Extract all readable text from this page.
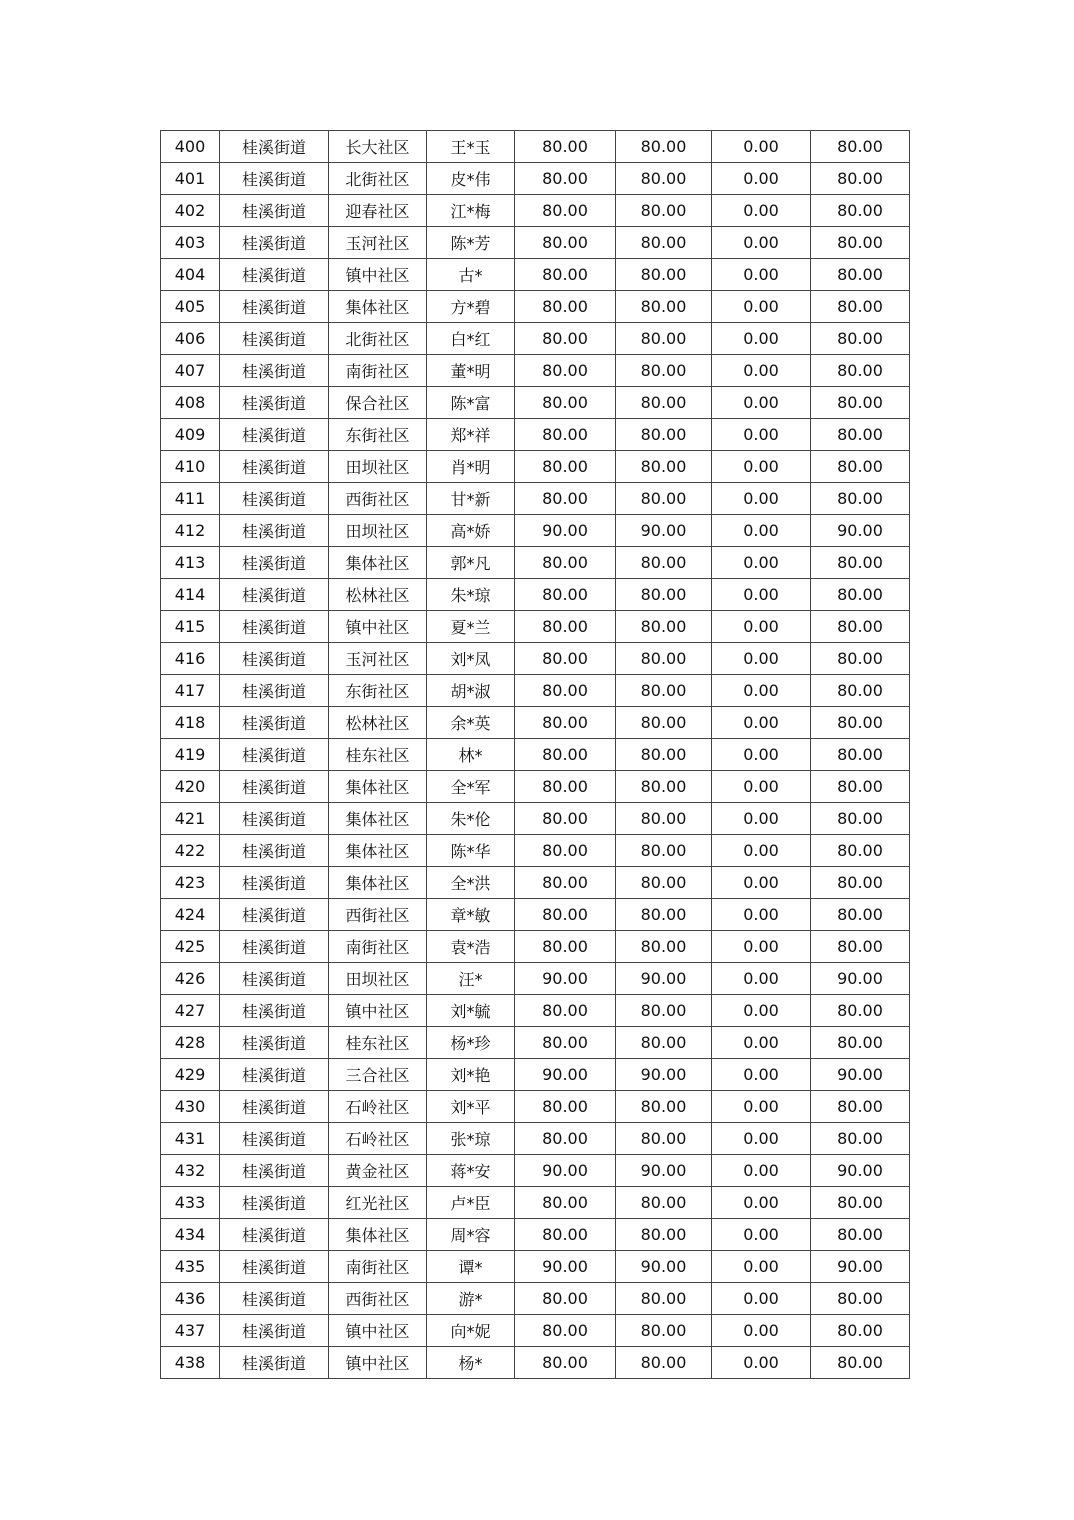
400	桂溪街道	长大社区	王*玉	80.00	80.00	0.00	80.00
401	桂溪街道	北街社区	皮*伟	80.00	80.00	0.00	80.00
402	桂溪街道	迎春社区	江*梅	80.00	80.00	0.00	80.00
403	桂溪街道	玉河社区	陈*芳	80.00	80.00	0.00	80.00
404	桂溪街道	镇中社区	古*	80.00	80.00	0.00	80.00
405	桂溪街道	集体社区	方*碧	80.00	80.00	0.00	80.00
406	桂溪街道	北街社区	白*红	80.00	80.00	0.00	80.00
407	桂溪街道	南街社区	董*明	80.00	80.00	0.00	80.00
408	桂溪街道	保合社区	陈*富	80.00	80.00	0.00	80.00
409	桂溪街道	东街社区	郑*祥	80.00	80.00	0.00	80.00
410	桂溪街道	田坝社区	肖*明	80.00	80.00	0.00	80.00
411	桂溪街道	西街社区	甘*新	80.00	80.00	0.00	80.00
412	桂溪街道	田坝社区	高*娇	90.00	90.00	0.00	90.00
413	桂溪街道	集体社区	郭*凡	80.00	80.00	0.00	80.00
414	桂溪街道	松林社区	朱*琼	80.00	80.00	0.00	80.00
415	桂溪街道	镇中社区	夏*兰	80.00	80.00	0.00	80.00
416	桂溪街道	玉河社区	刘*凤	80.00	80.00	0.00	80.00
417	桂溪街道	东街社区	胡*淑	80.00	80.00	0.00	80.00
418	桂溪街道	松林社区	余*英	80.00	80.00	0.00	80.00
419	桂溪街道	桂东社区	林*	80.00	80.00	0.00	80.00
420	桂溪街道	集体社区	全*军	80.00	80.00	0.00	80.00
421	桂溪街道	集体社区	朱*伦	80.00	80.00	0.00	80.00
422	桂溪街道	集体社区	陈*华	80.00	80.00	0.00	80.00
423	桂溪街道	集体社区	全*洪	80.00	80.00	0.00	80.00
424	桂溪街道	西街社区	章*敏	80.00	80.00	0.00	80.00
425	桂溪街道	南街社区	袁*浩	80.00	80.00	0.00	80.00
426	桂溪街道	田坝社区	汪*	90.00	90.00	0.00	90.00
427	桂溪街道	镇中社区	刘*毓	80.00	80.00	0.00	80.00
428	桂溪街道	桂东社区	杨*珍	80.00	80.00	0.00	80.00
429	桂溪街道	三合社区	刘*艳	90.00	90.00	0.00	90.00
430	桂溪街道	石岭社区	刘*平	80.00	80.00	0.00	80.00
431	桂溪街道	石岭社区	张*琼	80.00	80.00	0.00	80.00
432	桂溪街道	黄金社区	蒋*安	90.00	90.00	0.00	90.00
433	桂溪街道	红光社区	卢*臣	80.00	80.00	0.00	80.00
434	桂溪街道	集体社区	周*容	80.00	80.00	0.00	80.00
435	桂溪街道	南街社区	谭*	90.00	90.00	0.00	90.00
436	桂溪街道	西街社区	游*	80.00	80.00	0.00	80.00
437	桂溪街道	镇中社区	向*妮	80.00	80.00	0.00	80.00
438	桂溪街道	镇中社区	杨*	80.00	80.00	0.00	80.00
